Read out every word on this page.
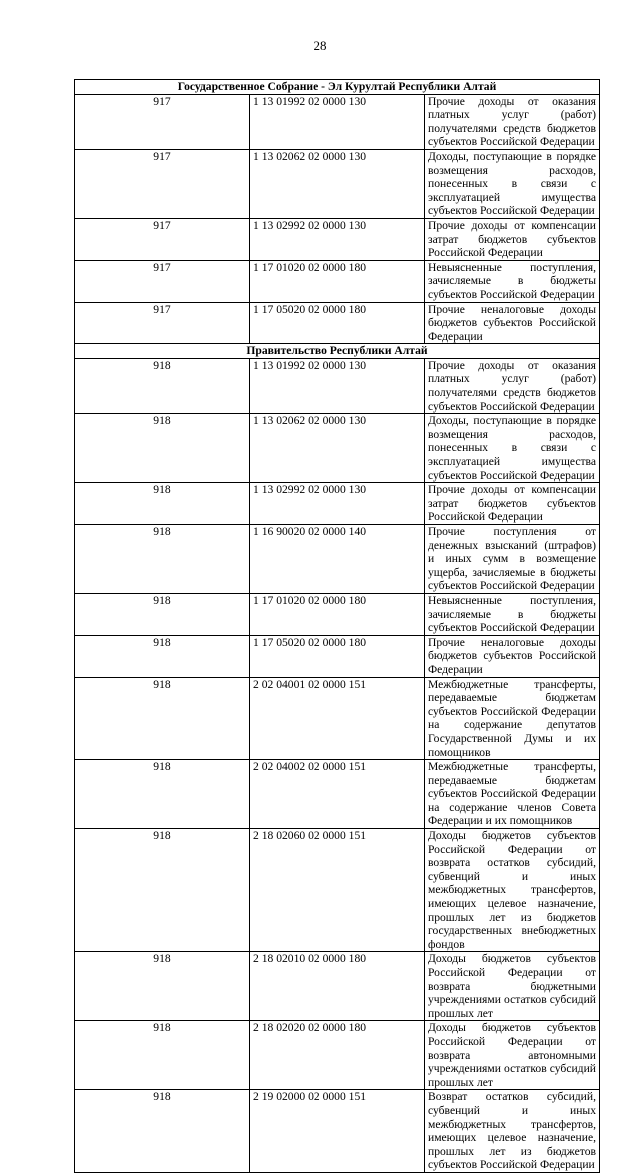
28
Государственное Собрание - Эл Курултай Республики Алтай		
917	1 13 01992 02 0000 130	Прочие доходы от оказания платных услуг (работ) получателями средств бюджетов субъектов Российской Федерации
917	1 13 02062 02 0000 130	Доходы, поступающие в порядке возмещения расходов, понесенных в связи с эксплуатацией имущества субъектов Российской Федерации
917	1 13 02992 02 0000 130	Прочие доходы от компенсации затрат бюджетов субъектов Российской Федерации
917	1 17 01020 02 0000 180	Невыясненные поступления, зачисляемые в бюджеты субъектов Российской Федерации
917	1 17 05020 02 0000 180	Прочие неналоговые доходы бюджетов субъектов Российской Федерации
Правительство Республики Алтай		
918	1 13 01992 02 0000 130	Прочие доходы от оказания платных услуг (работ) получателями средств бюджетов субъектов Российской Федерации
918	1 13 02062 02 0000 130	Доходы, поступающие в порядке возмещения расходов, понесенных в связи с эксплуатацией имущества субъектов Российской Федерации
918	1 13 02992 02 0000 130	Прочие доходы от компенсации затрат бюджетов субъектов Российской Федерации
918	1 16 90020 02 0000 140	Прочие поступления от денежных взысканий (штрафов) и иных сумм в возмещение ущерба, зачисляемые в бюджеты субъектов Российской Федерации
918	1 17 01020 02 0000 180	Невыясненные поступления, зачисляемые в бюджеты субъектов Российской Федерации
918	1 17 05020 02 0000 180	Прочие неналоговые доходы бюджетов субъектов Российской Федерации
918	2 02 04001 02 0000 151	Межбюджетные трансферты, передаваемые бюджетам субъектов Российской Федерации на содержание депутатов Государственной Думы и их помощников
918	2 02 04002 02 0000 151	Межбюджетные трансферты, передаваемые бюджетам субъектов Российской Федерации на содержание членов Совета Федерации и их помощников
918	2 18 02060 02 0000 151	Доходы бюджетов субъектов Российской Федерации от возврата остатков субсидий, субвенций и иных межбюджетных трансфертов, имеющих целевое назначение, прошлых лет из бюджетов государственных внебюджетных фондов
918	2 18 02010 02 0000 180	Доходы бюджетов субъектов Российской Федерации от возврата бюджетными учреждениями остатков субсидий прошлых лет
918	2 18 02020 02 0000 180	Доходы бюджетов субъектов Российской Федерации от возврата автономными учреждениями остатков субсидий прошлых лет
918	2 19 02000 02 0000 151	Возврат остатков субсидий, субвенций и иных межбюджетных трансфертов, имеющих целевое назначение, прошлых лет из бюджетов субъектов Российской Федерации
